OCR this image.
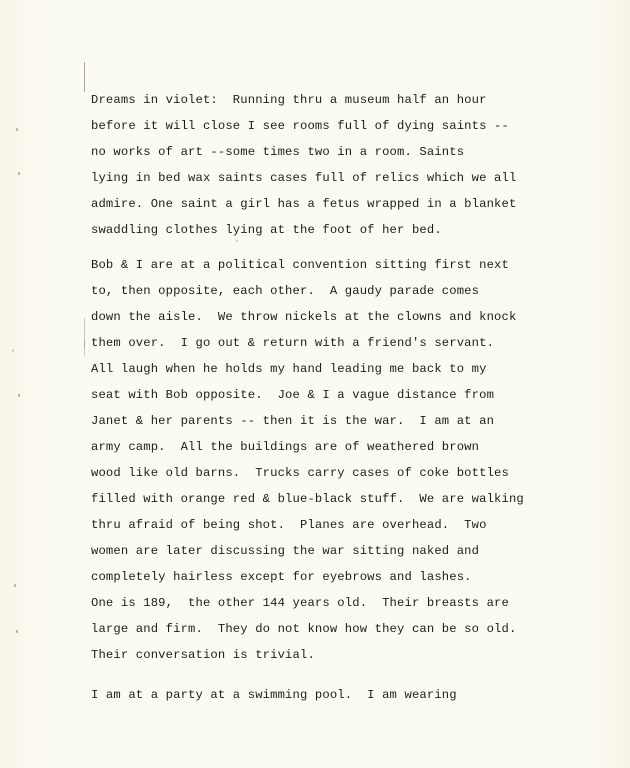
Dreams in violet:  Running thru a museum half an hour
before it will close I see rooms full of dying saints --
no works of art --some times two in a room. Saints
lying in bed wax saints cases full of relics which we all
admire. One saint a girl has a fetus wrapped in a blanket
swaddling clothes lying at the foot of her bed.
Bob & I are at a political convention sitting first next
to, then opposite, each other.  A gaudy parade comes
down the aisle.  We throw nickels at the clowns and knock
them over.  I go out & return with a friend's servant.
All laugh when he holds my hand leading me back to my
seat with Bob opposite.  Joe & I a vague distance from
Janet & her parents -- then it is the war.  I am at an
army camp.  All the buildings are of weathered brown
wood like old barns.  Trucks carry cases of coke bottles
filled with orange red & blue-black stuff.  We are walking
thru afraid of being shot.  Planes are overhead.  Two
women are later discussing the war sitting naked and
completely hairless except for eyebrows and lashes.
One is 189,  the other 144 years old.  Their breasts are
large and firm.  They do not know how they can be so old.
Their conversation is trivial.
I am at a party at a swimming pool.  I am wearing
